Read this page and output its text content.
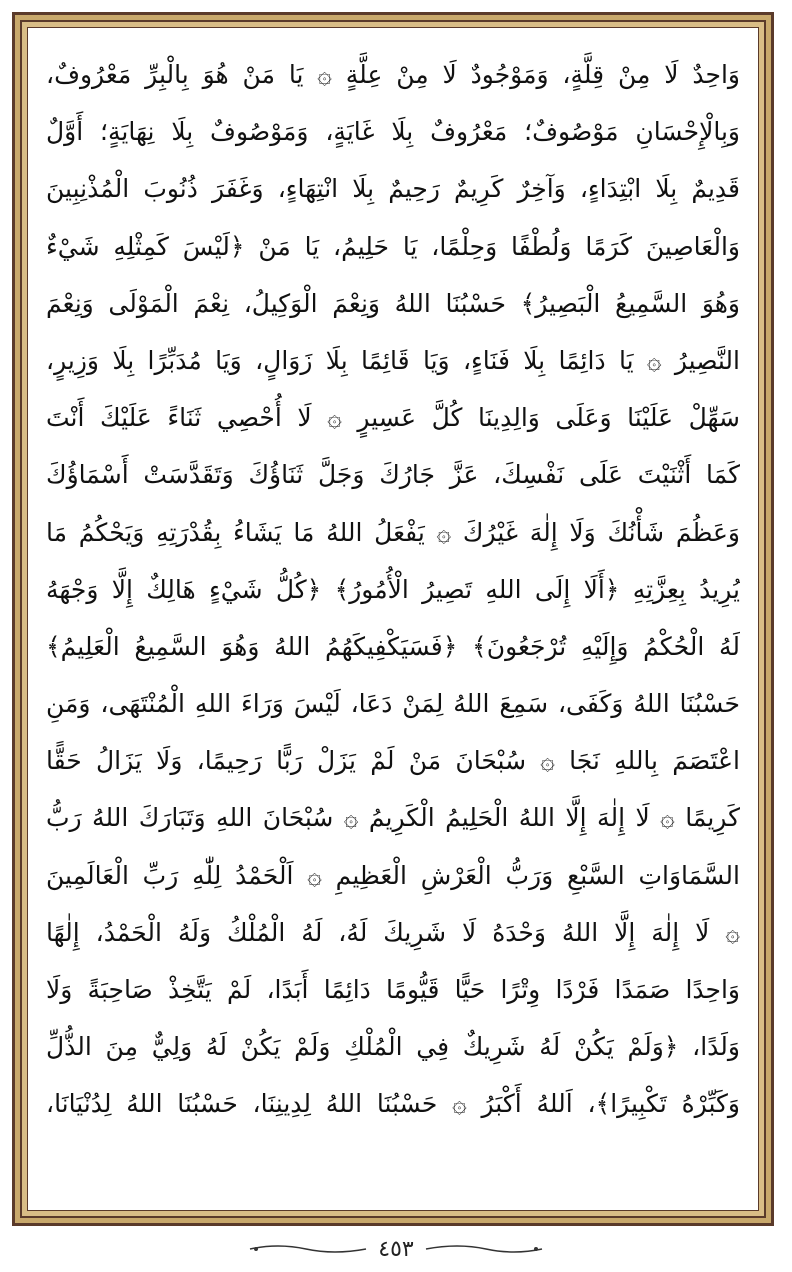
وَاحِدٌ لَا مِنْ قِلَّةٍ، وَمَوْجُودٌ لَا مِنْ عِلَّةٍ ۞ يَا مَنْ هُوَ بِالْبِرِّ مَعْرُوفٌ،
وَبِالْإِحْسَانِ مَوْصُوفٌ؛ مَعْرُوفٌ بِلَا غَايَةٍ، وَمَوْصُوفٌ بِلَا نِهَايَةٍ؛ أَوَّلٌ
قَدِيمٌ بِلَا ابْتِدَاءٍ، وَآخِرٌ كَرِيمٌ رَحِيمٌ بِلَا انْتِهَاءٍ، وَغَفَرَ ذُنُوبَ الْمُذْنِبِينَ
وَالْعَاصِينَ كَرَمًا وَلُطْفًا وَحِلْمًا، يَا حَلِيمُ، يَا مَنْ ﴿لَيْسَ كَمِثْلِهِ شَيْءٌ
وَهُوَ السَّمِيعُ الْبَصِيرُ﴾ حَسْبُنَا اللهُ وَنِعْمَ الْوَكِيلُ، نِعْمَ الْمَوْلَى وَنِعْمَ
النَّصِيرُ ۞ يَا دَائِمًا بِلَا فَنَاءٍ، وَيَا قَائِمًا بِلَا زَوَالٍ، وَيَا مُدَبِّرًا بِلَا وَزِيرٍ،
سَهِّلْ عَلَيْنَا وَعَلَى وَالِدِينَا كُلَّ عَسِيرٍ ۞ لَا أُحْصِي ثَنَاءً عَلَيْكَ أَنْتَ
كَمَا أَثْنَيْتَ عَلَى نَفْسِكَ، عَزَّ جَارُكَ وَجَلَّ ثَنَاؤُكَ وَتَقَدَّسَتْ أَسْمَاؤُكَ
وَعَظُمَ شَأْنُكَ وَلَا إِلٰهَ غَيْرُكَ ۞ يَفْعَلُ اللهُ مَا يَشَاءُ بِقُدْرَتِهِ وَيَحْكُمُ مَا
يُرِيدُ بِعِزَّتِهِ ﴿أَلَا إِلَى اللهِ تَصِيرُ الْأُمُورُ﴾ ﴿كُلُّ شَيْءٍ هَالِكٌ إِلَّا وَجْهَهُ
لَهُ الْحُكْمُ وَإِلَيْهِ تُرْجَعُونَ﴾ ﴿فَسَيَكْفِيكَهُمُ اللهُ وَهُوَ السَّمِيعُ الْعَلِيمُ﴾
حَسْبُنَا اللهُ وَكَفَى، سَمِعَ اللهُ لِمَنْ دَعَا، لَيْسَ وَرَاءَ اللهِ الْمُنْتَهَى، وَمَنِ
اعْتَصَمَ بِاللهِ نَجَا ۞ سُبْحَانَ مَنْ لَمْ يَزَلْ رَبًّا رَحِيمًا، وَلَا يَزَالُ حَقًّا
كَرِيمًا ۞ لَا إِلٰهَ إِلَّا اللهُ الْحَلِيمُ الْكَرِيمُ ۞ سُبْحَانَ اللهِ وَتَبَارَكَ اللهُ رَبُّ
السَّمَاوَاتِ السَّبْعِ وَرَبُّ الْعَرْشِ الْعَظِيمِ ۞ اَلْحَمْدُ لِلّٰهِ رَبِّ الْعَالَمِينَ
۞ لَا إِلٰهَ إِلَّا اللهُ وَحْدَهُ لَا شَرِيكَ لَهُ، لَهُ الْمُلْكُ وَلَهُ الْحَمْدُ، إِلٰهًا
وَاحِدًا صَمَدًا فَرْدًا وِتْرًا حَيًّا قَيُّومًا دَائِمًا أَبَدًا، لَمْ يَتَّخِذْ صَاحِبَةً وَلَا
وَلَدًا، ﴿وَلَمْ يَكُنْ لَهُ شَرِيكٌ فِي الْمُلْكِ وَلَمْ يَكُنْ لَهُ وَلِيٌّ مِنَ الذُّلِّ
وَكَبِّرْهُ تَكْبِيرًا﴾، اَللهُ أَكْبَرُ ۞ حَسْبُنَا اللهُ لِدِينِنَا، حَسْبُنَا اللهُ لِدُنْيَانَا،
٤٥٣
